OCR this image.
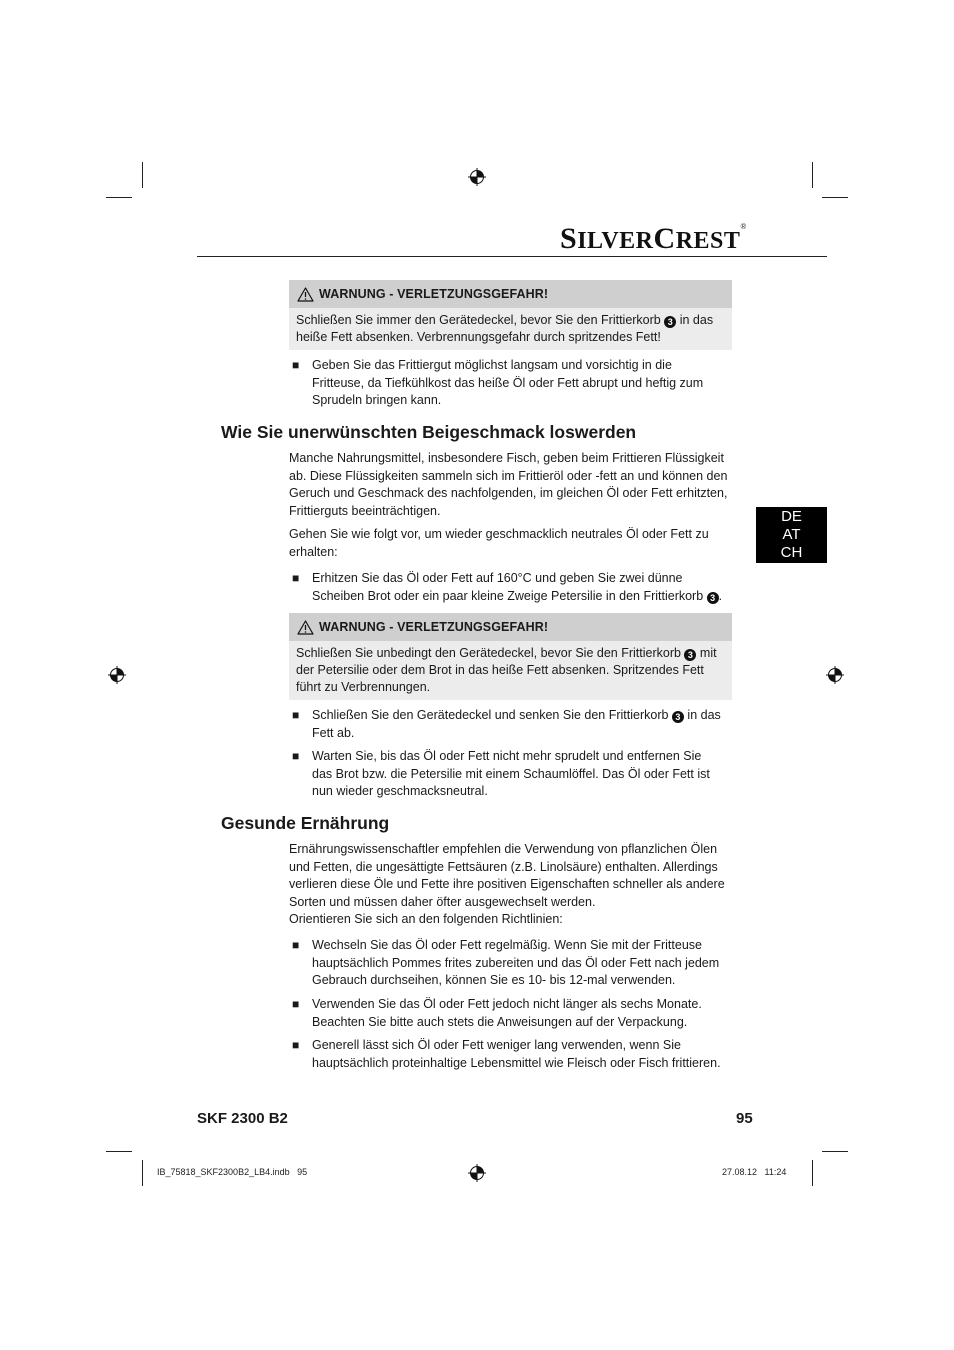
SILVERCREST®
DE
AT
CH
WARNUNG - VERLETZUNGSGEFAHR!
Schließen Sie immer den Gerätedeckel, bevor Sie den Frittierkorb 3 in das heiße Fett absenken. Verbrennungsgefahr durch spritzendes Fett!
■	Geben Sie das Frittiergut möglichst langsam und vorsichtig in die Fritteuse, da Tiefkühlkost das heiße Öl oder Fett abrupt und heftig zum Sprudeln bringen kann.
Wie Sie unerwünschten Beigeschmack loswerden
Manche Nahrungsmittel, insbesondere Fisch, geben beim Frittieren Flüssigkeit ab. Diese Flüssigkeiten sammeln sich im Frittieröl oder -fett an und können den Geruch und Geschmack des nachfolgenden, im gleichen Öl oder Fett erhitzten, Frittierguts beeinträchtigen.
Gehen Sie wie folgt vor, um wieder geschmacklich neutrales Öl oder Fett zu erhalten:
■	Erhitzen Sie das Öl oder Fett auf 160°C und geben Sie zwei dünne Scheiben Brot oder ein paar kleine Zweige Petersilie in den Frittierkorb 3 .
WARNUNG - VERLETZUNGSGEFAHR!
Schließen Sie unbedingt den Gerätedeckel, bevor Sie den Frittierkorb 3 mit der Petersilie oder dem Brot in das heiße Fett absenken. Spritzendes Fett führt zu Verbrennungen.
■	Schließen Sie den Gerätedeckel und senken Sie den Frittierkorb 3 in das Fett ab.
■	Warten Sie, bis das Öl oder Fett nicht mehr sprudelt und entfernen Sie das Brot bzw. die Petersilie mit einem Schaumlöffel. Das Öl oder Fett ist nun wieder geschmacksneutral.
Gesunde Ernährung
Ernährungswissenschaftler empfehlen die Verwendung von pflanzlichen Ölen und Fetten, die ungesättigte Fettsäuren (z.B. Linolsäure) enthalten. Allerdings verlieren diese Öle und Fette ihre positiven Eigenschaften schneller als andere Sorten und müssen daher öfter ausgewechselt werden.
Orientieren Sie sich an den folgenden Richtlinien:
■	Wechseln Sie das Öl oder Fett regelmäßig. Wenn Sie mit der Fritteuse hauptsächlich Pommes frites zubereiten und das Öl oder Fett nach jedem Gebrauch durchseihen, können Sie es 10- bis 12-mal verwenden.
■	Verwenden Sie das Öl oder Fett jedoch nicht länger als sechs Monate. Beachten Sie bitte auch stets die Anweisungen auf der Verpackung.
■	Generell lässt sich Öl oder Fett weniger lang verwenden, wenn Sie hauptsächlich proteinhaltige Lebensmittel wie Fleisch oder Fisch frittieren.
SKF 2300 B2	95
IB_75818_SKF2300B2_LB4.indb   95	27.08.12   11:24
